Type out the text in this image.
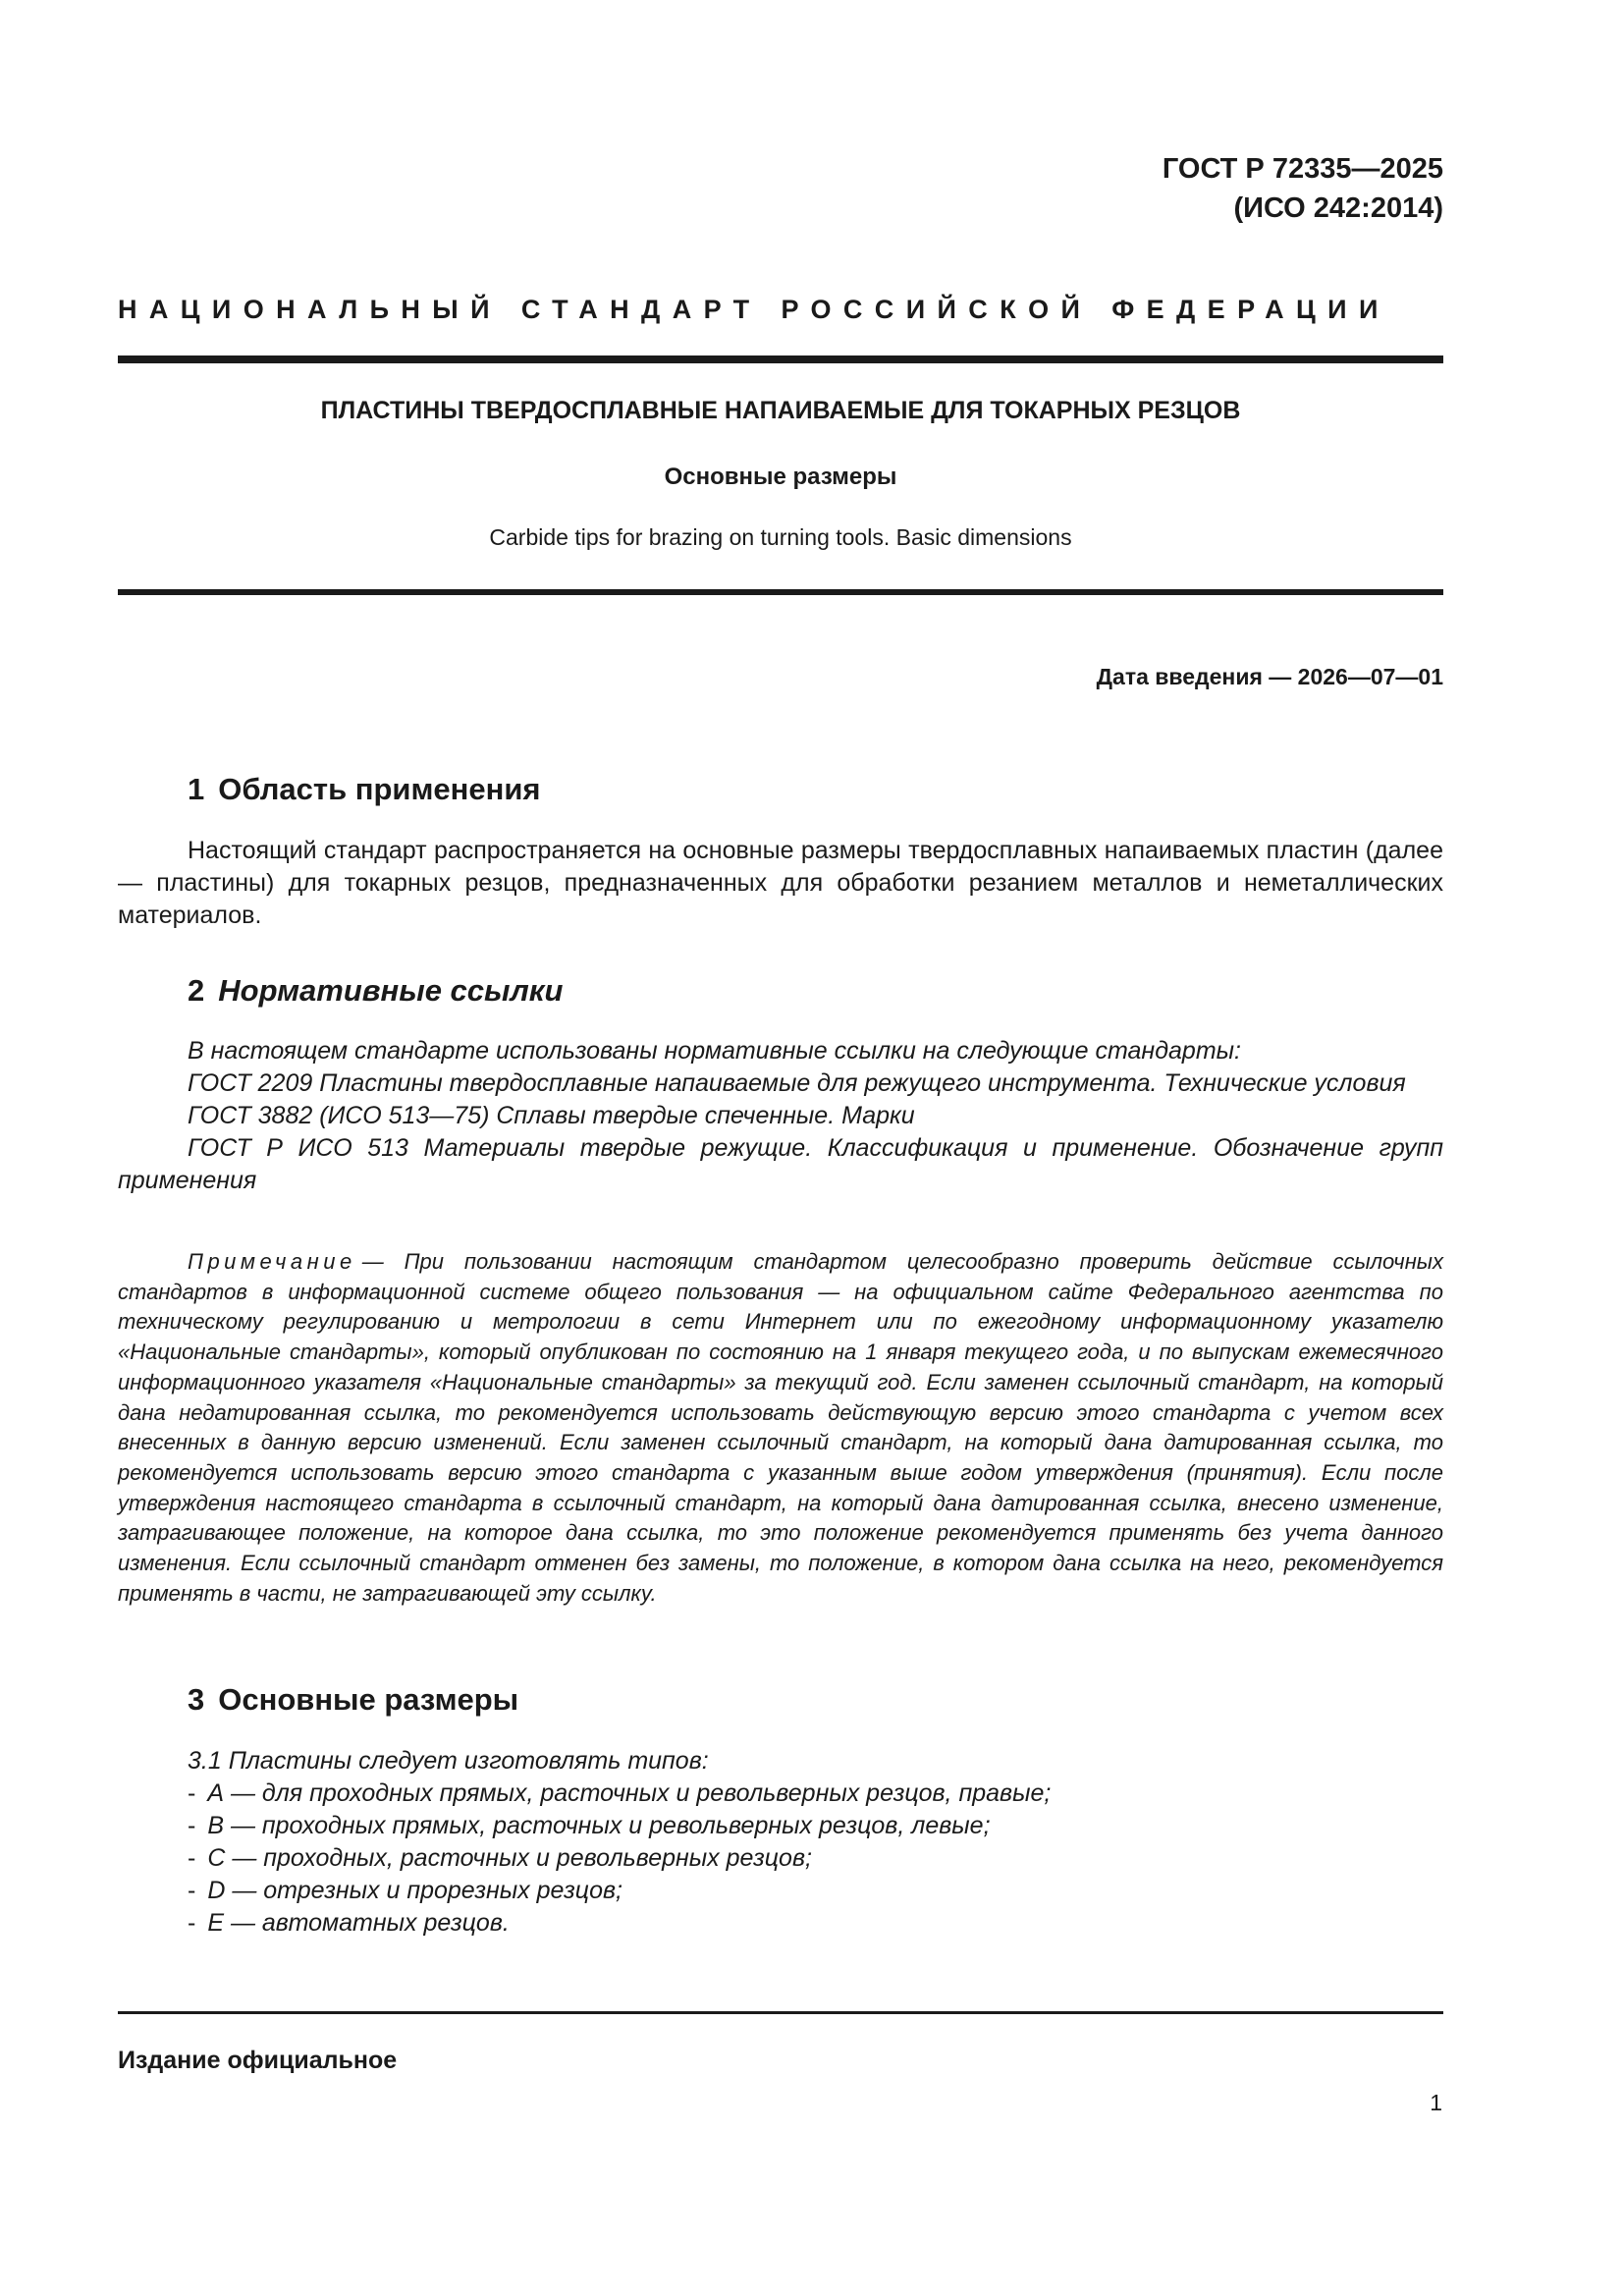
ГОСТ Р 72335—2025
(ИСО 242:2014)
НАЦИОНАЛЬНЫЙ СТАНДАРТ РОССИЙСКОЙ ФЕДЕРАЦИИ
ПЛАСТИНЫ ТВЕРДОСПЛАВНЫЕ НАПАИВАЕМЫЕ ДЛЯ ТОКАРНЫХ РЕЗЦОВ
Основные размеры
Carbide tips for brazing on turning tools. Basic dimensions
Дата введения — 2026—07—01
1 Область применения
Настоящий стандарт распространяется на основные размеры твердосплавных напаиваемых пластин (далее — пластины) для токарных резцов, предназначенных для обработки резанием металлов и неметаллических материалов.
2 Нормативные ссылки
В настоящем стандарте использованы нормативные ссылки на следующие стандарты:
ГОСТ 2209 Пластины твердосплавные напаиваемые для режущего инструмента. Технические условия
ГОСТ 3882 (ИСО 513—75) Сплавы твердые спеченные. Марки
ГОСТ Р ИСО 513 Материалы твердые режущие. Классификация и применение. Обозначение групп применения
Примечание — При пользовании настоящим стандартом целесообразно проверить действие ссылочных стандартов в информационной системе общего пользования — на официальном сайте Федерального агентства по техническому регулированию и метрологии в сети Интернет или по ежегодному информационному указателю «Национальные стандарты», который опубликован по состоянию на 1 января текущего года, и по выпускам ежемесячного информационного указателя «Национальные стандарты» за текущий год. Если заменен ссылочный стандарт, на который дана недатированная ссылка, то рекомендуется использовать действующую версию этого стандарта с учетом всех внесенных в данную версию изменений. Если заменен ссылочный стандарт, на который дана датированная ссылка, то рекомендуется использовать версию этого стандарта с указанным выше годом утверждения (принятия). Если после утверждения настоящего стандарта в ссылочный стандарт, на который дана датированная ссылка, внесено изменение, затрагивающее положение, на которое дана ссылка, то это положение рекомендуется применять без учета данного изменения. Если ссылочный стандарт отменен без замены, то положение, в котором дана ссылка на него, рекомендуется применять в части, не затрагивающей эту ссылку.
3 Основные размеры
3.1 Пластины следует изготовлять типов:
- А — для проходных прямых, расточных и револьверных резцов, правые;
- В — проходных прямых, расточных и револьверных резцов, левые;
- С — проходных, расточных и револьверных резцов;
- D — отрезных и прорезных резцов;
- Е — автоматных резцов.
Издание официальное
1
